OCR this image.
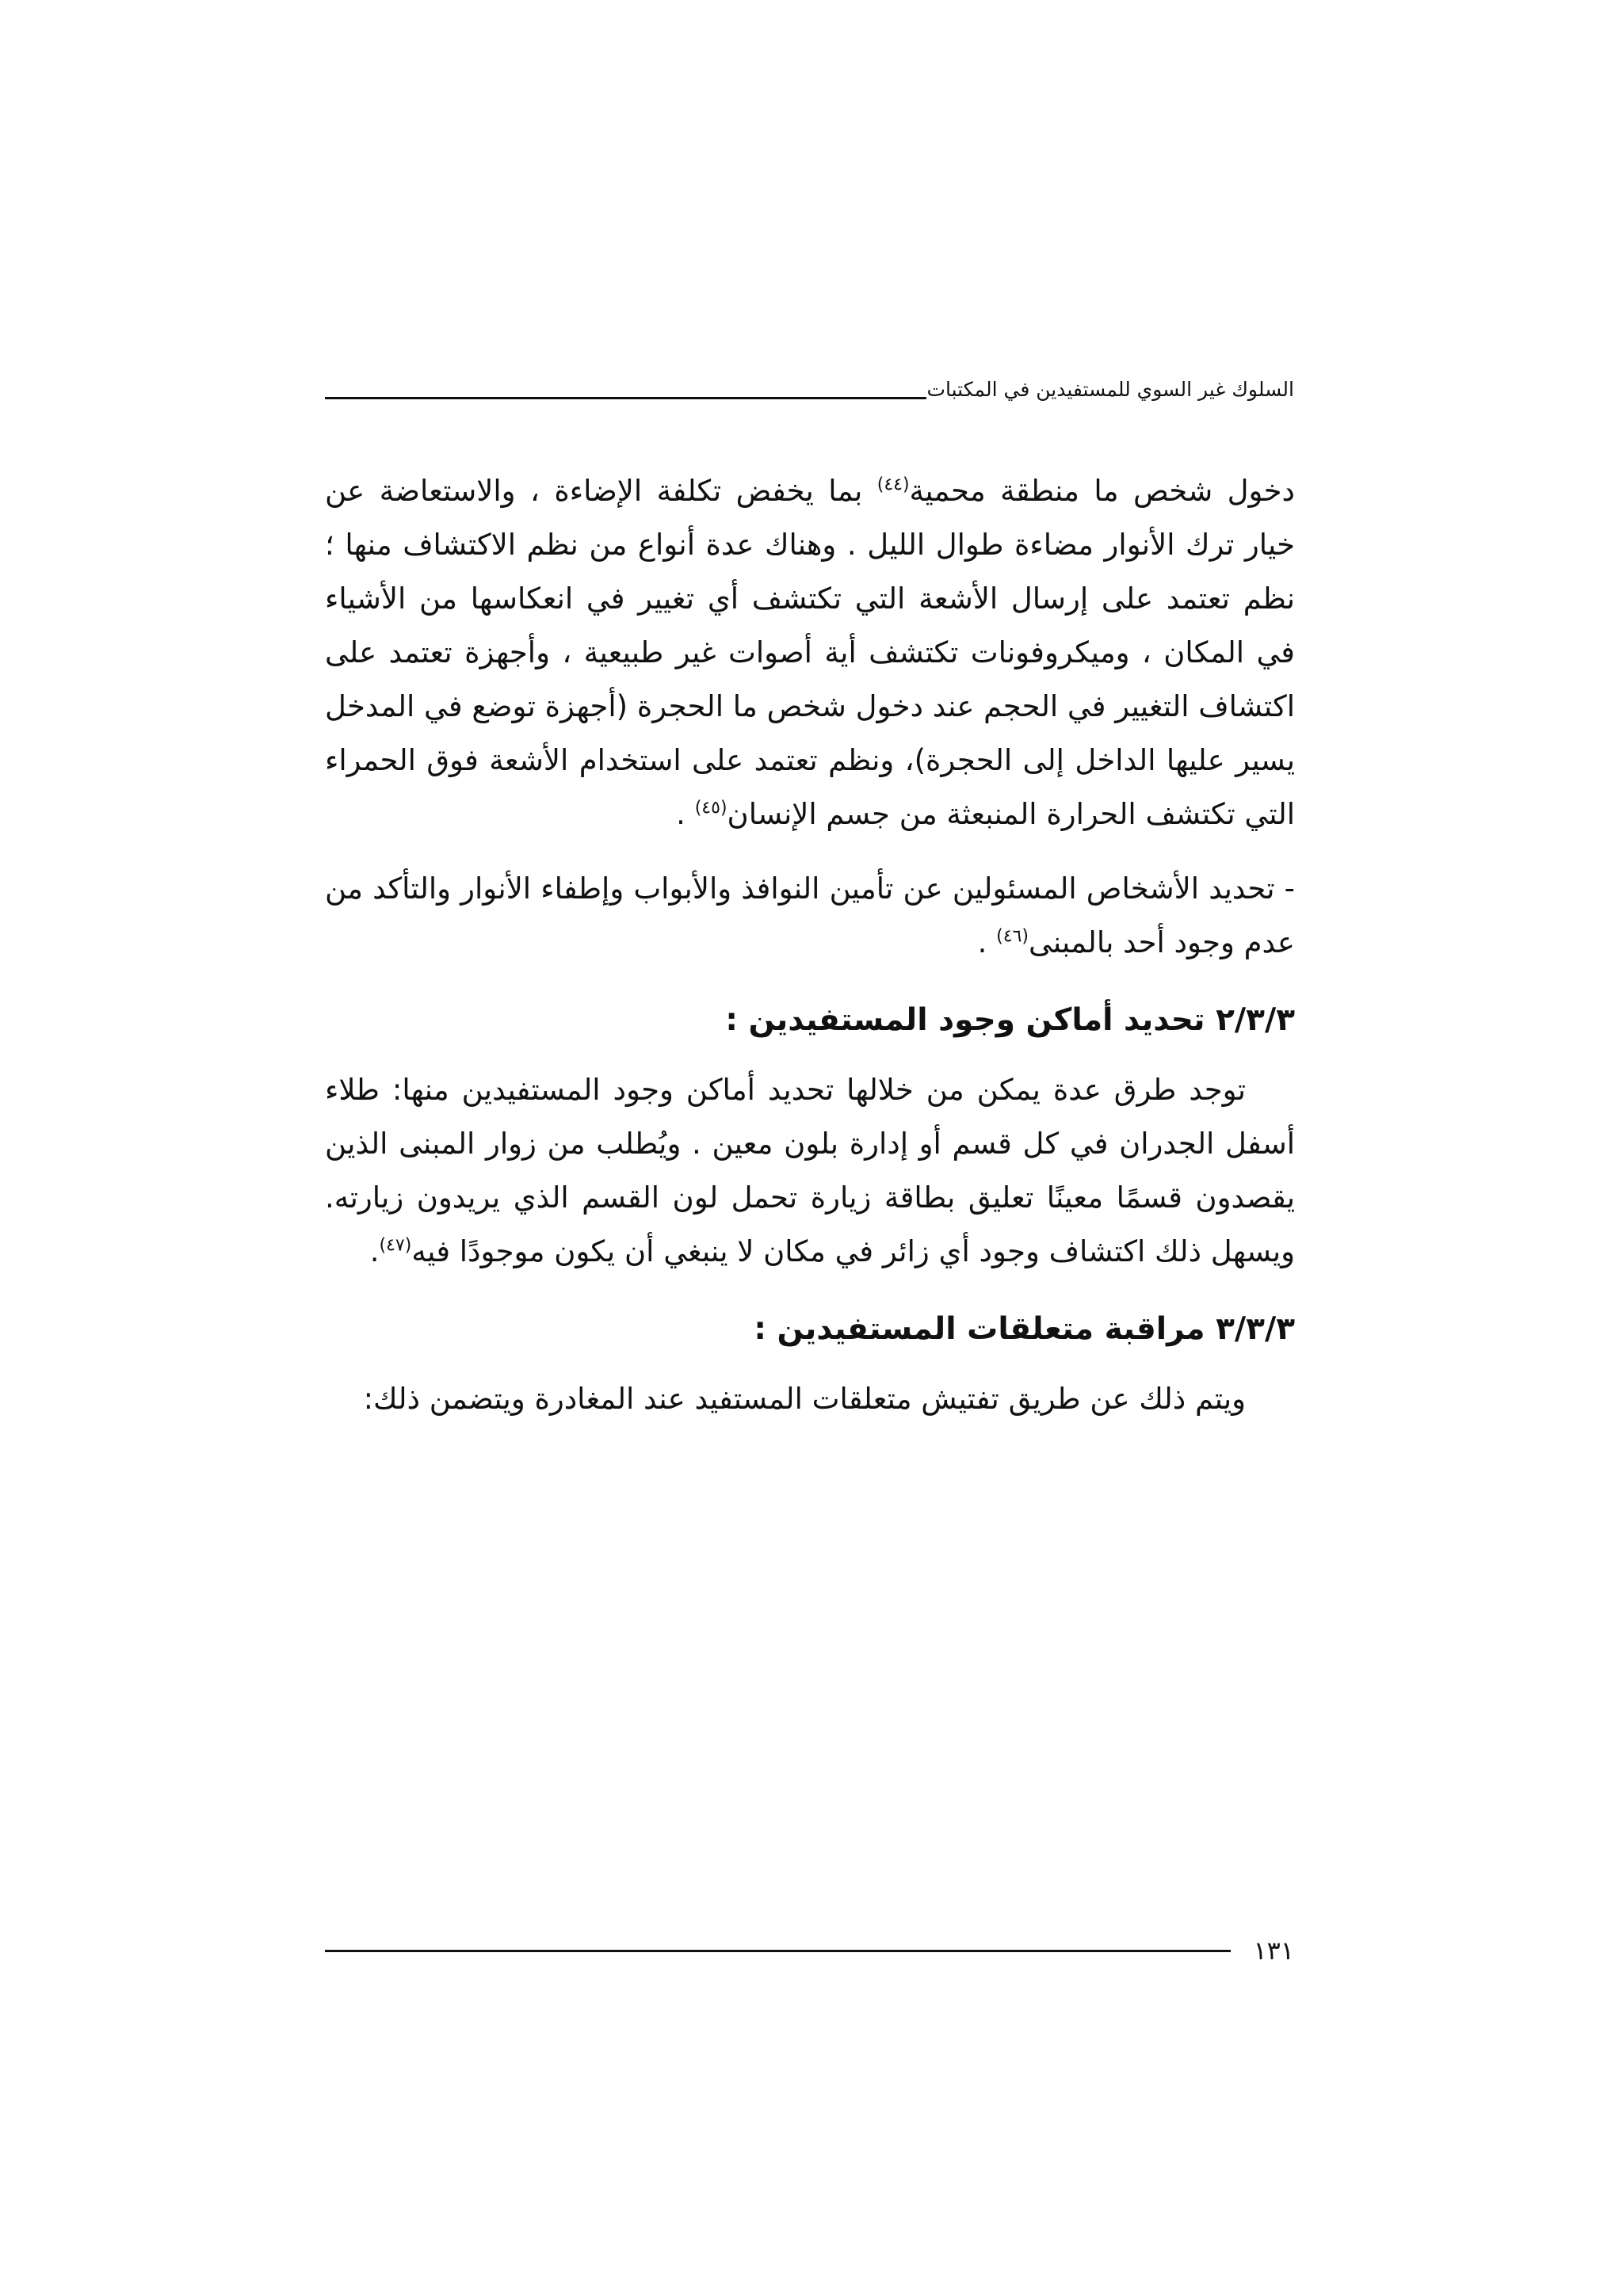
السلوك غير السوي للمستفيدين في المكتبات

دخول شخص ما منطقة محمية$^{(٤٤)}$ بما يخفض تكلفة الإضاءة ، والاستعاضة عن خيار ترك الأنوار مضاءة طوال الليل . وهناك عدة أنواع من نظم الاكتشاف منها ؛ نظم تعتمد على إرسال الأشعة التي تكتشف أي تغيير في انعكاسها من الأشياء في المكان ، وميكروفونات تكتشف أية أصوات غير طبيعية ، وأجهزة تعتمد على اكتشاف التغيير في الحجم عند دخول شخص ما الحجرة (أجهزة توضع في المدخل يسير عليها الداخل إلى الحجرة)، ونظم تعتمد على استخدام الأشعة فوق الحمراء التي تكتشف الحرارة المنبعثة من جسم الإنسان$^{(٤٥)}$ .

- تحديد الأشخاص المسئولين عن تأمين النوافذ والأبواب وإطفاء الأنوار والتأكد من عدم وجود أحد بالمبنى$^{(٤٦)}$ .

٢/٣/٣ تحديد أماكن وجود المستفيدين :

توجد طرق عدة يمكن من خلالها تحديد أماكن وجود المستفيدين منها: طلاء أسفل الجدران في كل قسم أو إدارة بلون معين . ويُطلب من زوار المبنى الذين يقصدون قسمًا معينًا تعليق بطاقة زيارة تحمل لون القسم الذي يريدون زيارته. ويسهل ذلك اكتشاف وجود أي زائر في مكان لا ينبغي أن يكون موجودًا فيه$^{(٤٧)}$.

٣/٣/٣ مراقبة متعلقات المستفيدين :

ويتم ذلك عن طريق تفتيش متعلقات المستفيد عند المغادرة ويتضمن ذلك:

١٣١
